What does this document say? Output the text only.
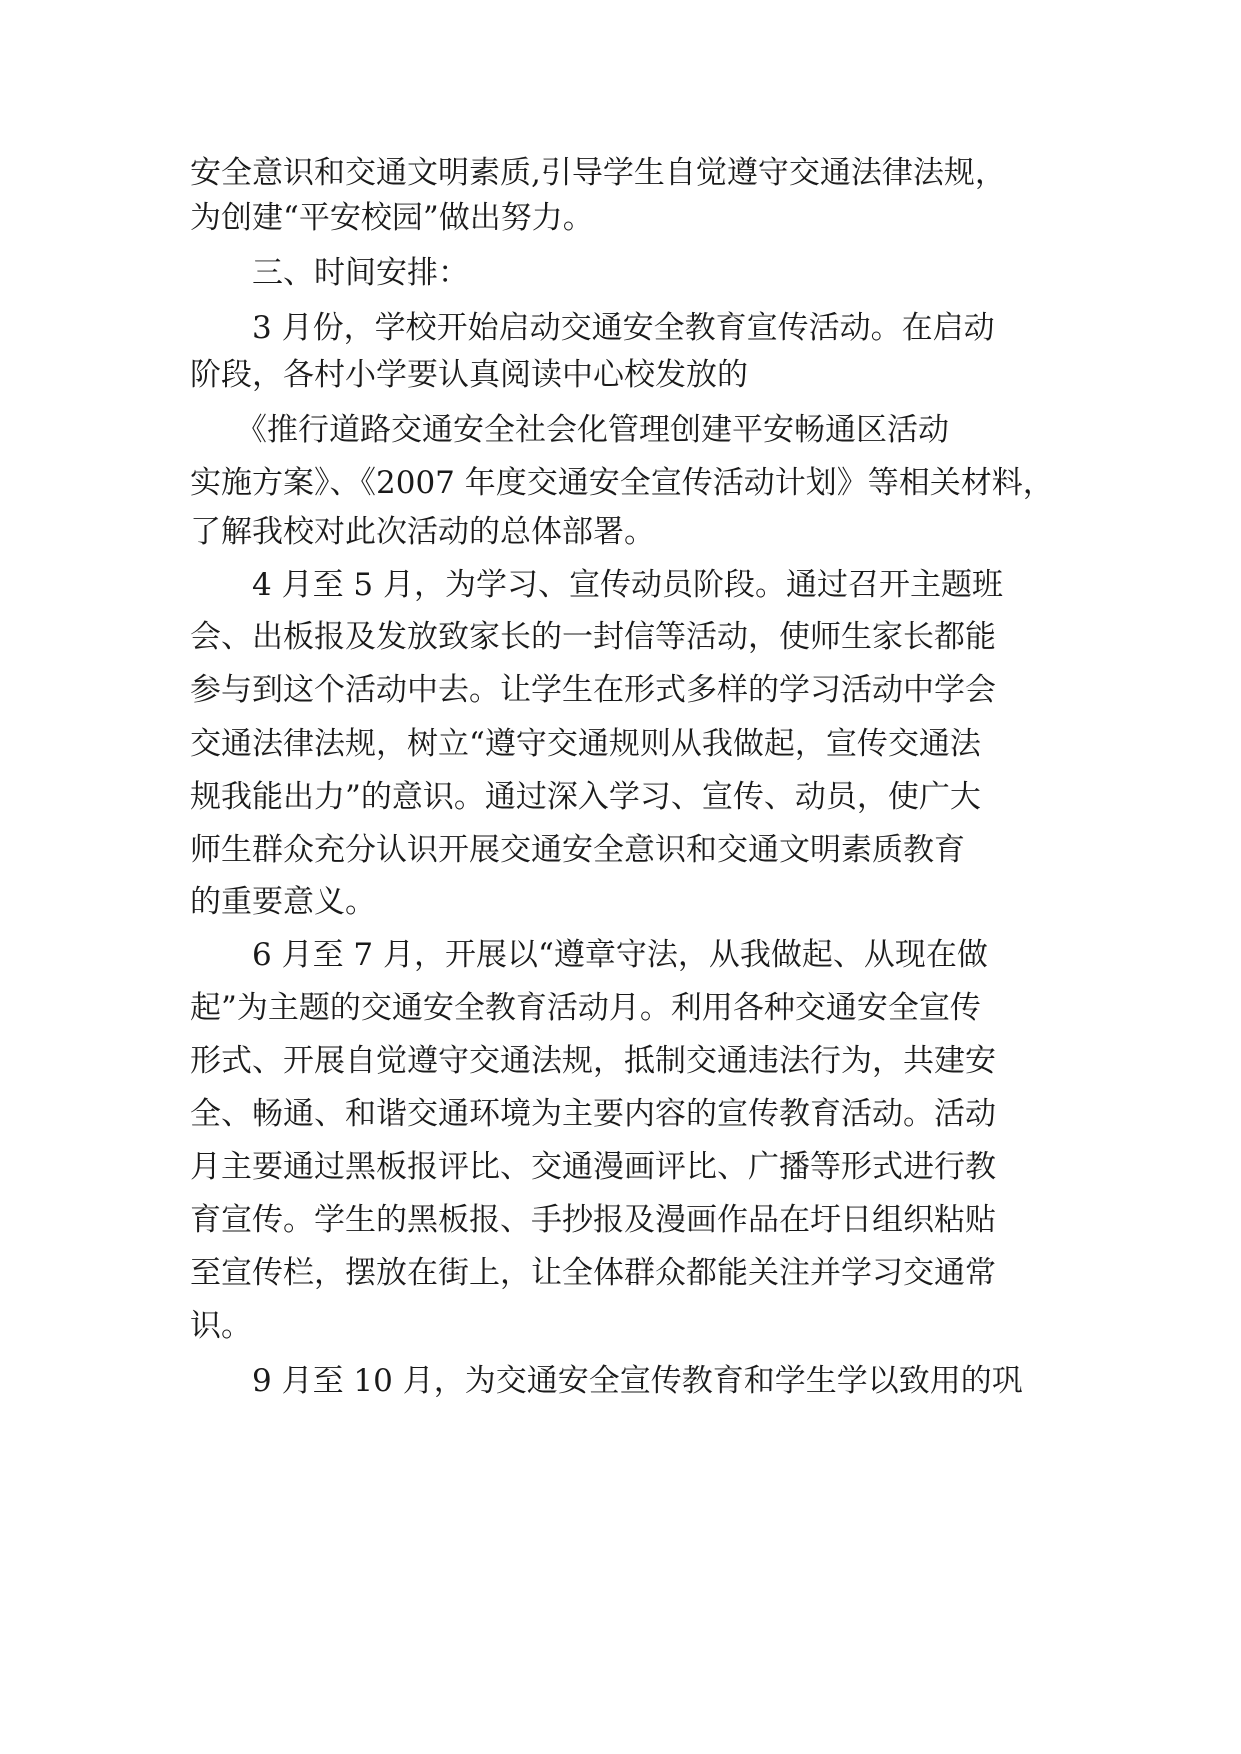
安全意识和交通文明素质,引导学生自觉遵守交通法律法规，
为创建“平安校园”做出努力。
三、时间安排：
3 月份，学校开始启动交通安全教育宣传活动。在启动
阶段，各村小学要认真阅读中心校发放的
《推行道路交通安全社会化管理创建平安畅通区活动
实施方案》、《2007 年度交通安全宣传活动计划》等相关材料，
了解我校对此次活动的总体部署。
4 月至 5 月，为学习、宣传动员阶段。通过召开主题班
会、出板报及发放致家长的一封信等活动，使师生家长都能
参与到这个活动中去。让学生在形式多样的学习活动中学会
交通法律法规，树立“遵守交通规则从我做起，宣传交通法
规我能出力”的意识。通过深入学习、宣传、动员，使广大
师生群众充分认识开展交通安全意识和交通文明素质教育
的重要意义。
6 月至 7 月，开展以“遵章守法，从我做起、从现在做
起”为主题的交通安全教育活动月。利用各种交通安全宣传
形式、开展自觉遵守交通法规，抵制交通违法行为，共建安
全、畅通、和谐交通环境为主要内容的宣传教育活动。活动
月主要通过黑板报评比、交通漫画评比、广播等形式进行教
育宣传。学生的黑板报、手抄报及漫画作品在圩日组织粘贴
至宣传栏，摆放在街上，让全体群众都能关注并学习交通常
识。
9 月至 10 月，为交通安全宣传教育和学生学以致用的巩
